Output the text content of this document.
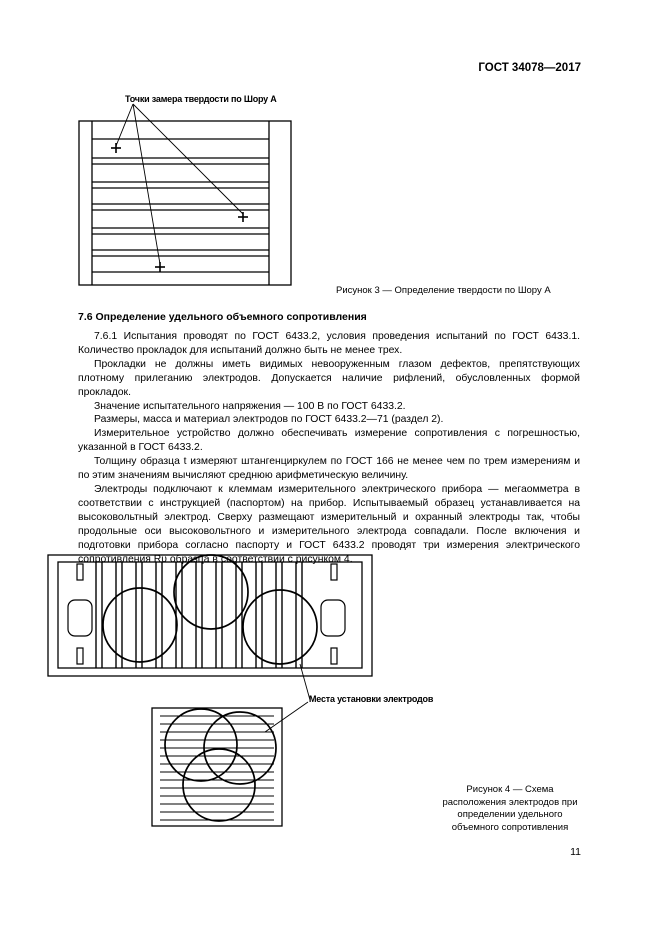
ГОСТ 34078—2017
Точки замера твердости по Шору А
Рисунок 3 — Определение твердости по Шору А
7.6 Определение удельного объемного сопротивления

7.6.1 Испытания проводят по ГОСТ 6433.2, условия проведения испытаний по ГОСТ 6433.1. Количество прокладок для испытаний должно быть не менее трех.

Прокладки не должны иметь видимых невооруженным глазом дефектов, препятствующих плотному прилеганию электродов. Допускается наличие рифлений, обусловленных формой прокладок.

Значение испытательного напряжения — 100 В по ГОСТ 6433.2.

Размеры, масса и материал электродов по ГОСТ 6433.2—71 (раздел 2).

Измерительное устройство должно обеспечивать измерение сопротивления с погрешностью, указанной в ГОСТ 6433.2.

Толщину образца t измеряют штангенциркулем по ГОСТ 166 не менее чем по трем измерениям и по этим значениям вычисляют среднюю арифметическую величину.

Электроды подключают к клеммам измерительного электрического прибора — мегаомметра в соответствии с инструкцией (паспортом) на прибор. Испытываемый образец устанавливается на высоковольтный электрод. Сверху размещают измерительный и охранный электроды так, чтобы продольные оси высоковольтного и измерительного электрода совпадали. После включения и подготовки прибора согласно паспорту и ГОСТ 6433.2 проводят три измерения электрического сопротивления Rυ образца в соответствии с рисунком 4.

Места установки электродов
Рисунок 4 — Схема расположения электродов при определении удельного объемного сопротивления
11
